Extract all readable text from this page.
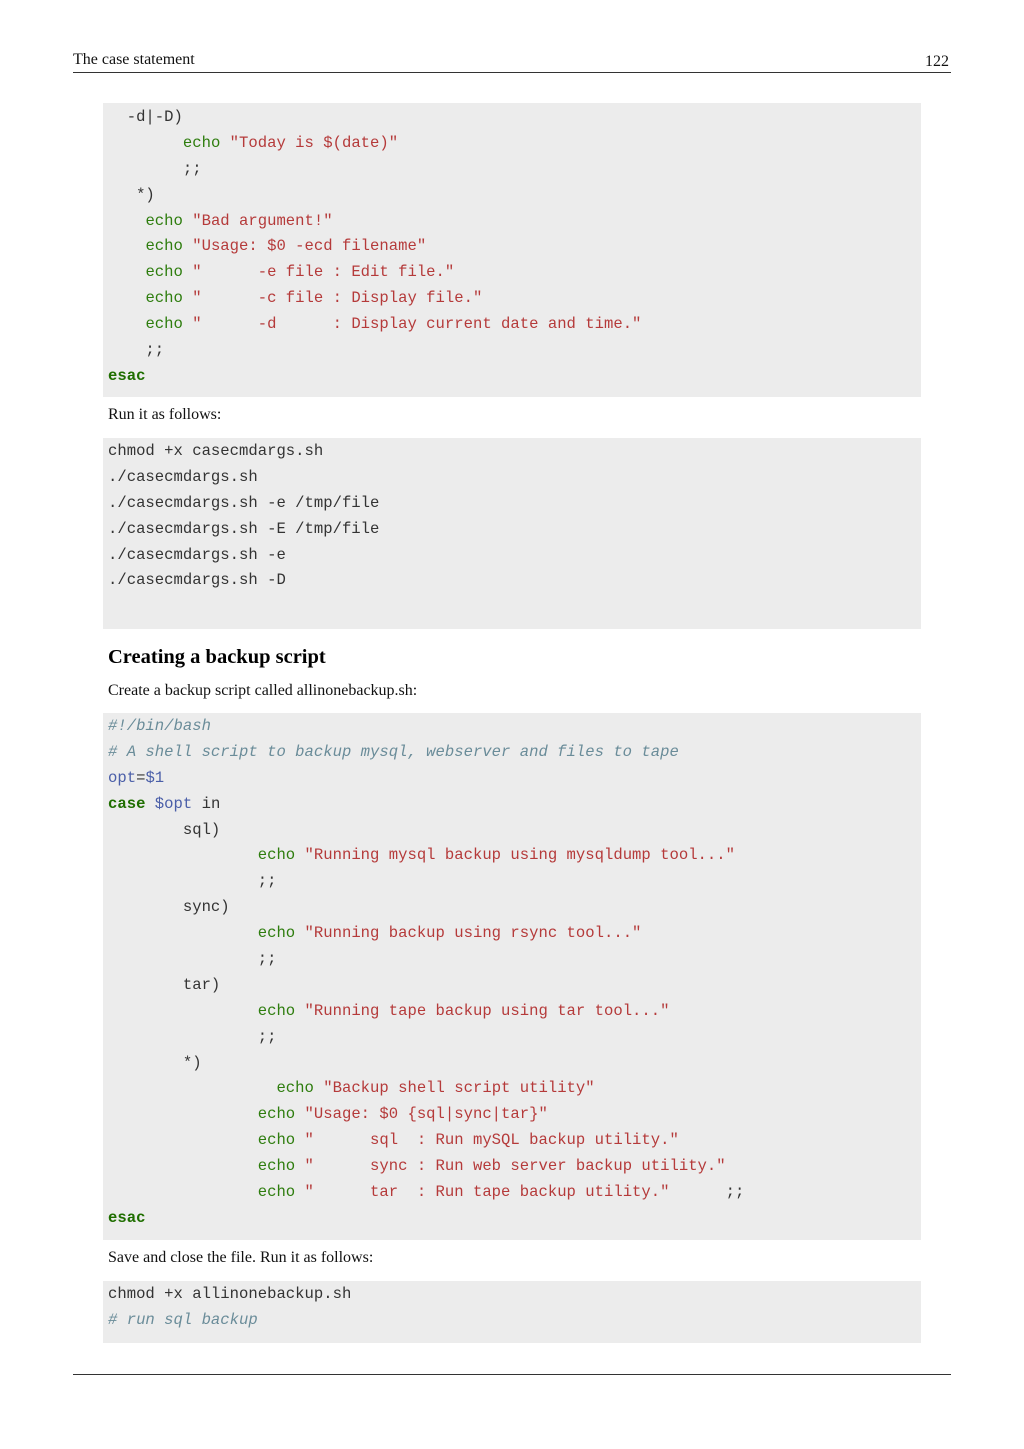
The case statement	122
-d|-D)
echo "Today is $(date)"
;;
*)
echo "Bad argument!"
echo "Usage: $0 -ecd filename"
echo "      -e file : Edit file."
echo "      -c file : Display file."
echo "      -d      : Display current date and time."
;;
esac
Run it as follows:
chmod +x casecmdargs.sh
./casecmdargs.sh
./casecmdargs.sh -e /tmp/file
./casecmdargs.sh -E /tmp/file
./casecmdargs.sh -e
./casecmdargs.sh -D
Creating a backup script
Create a backup script called allinonebackup.sh:
#!/bin/bash
# A shell script to backup mysql, webserver and files to tape
opt=$1
case $opt in
sql)
echo "Running mysql backup using mysqldump tool..."
;;
sync)
echo "Running backup using rsync tool..."
;;
tar)
echo "Running tape backup using tar tool..."
;;
*)
echo "Backup shell script utility"
echo "Usage: $0 {sql|sync|tar}"
echo "      sql  : Run mySQL backup utility."
echo "      sync : Run web server backup utility."
echo "      tar  : Run tape backup utility."      ;;
esac
Save and close the file. Run it as follows:
chmod +x allinonebackup.sh
# run sql backup
